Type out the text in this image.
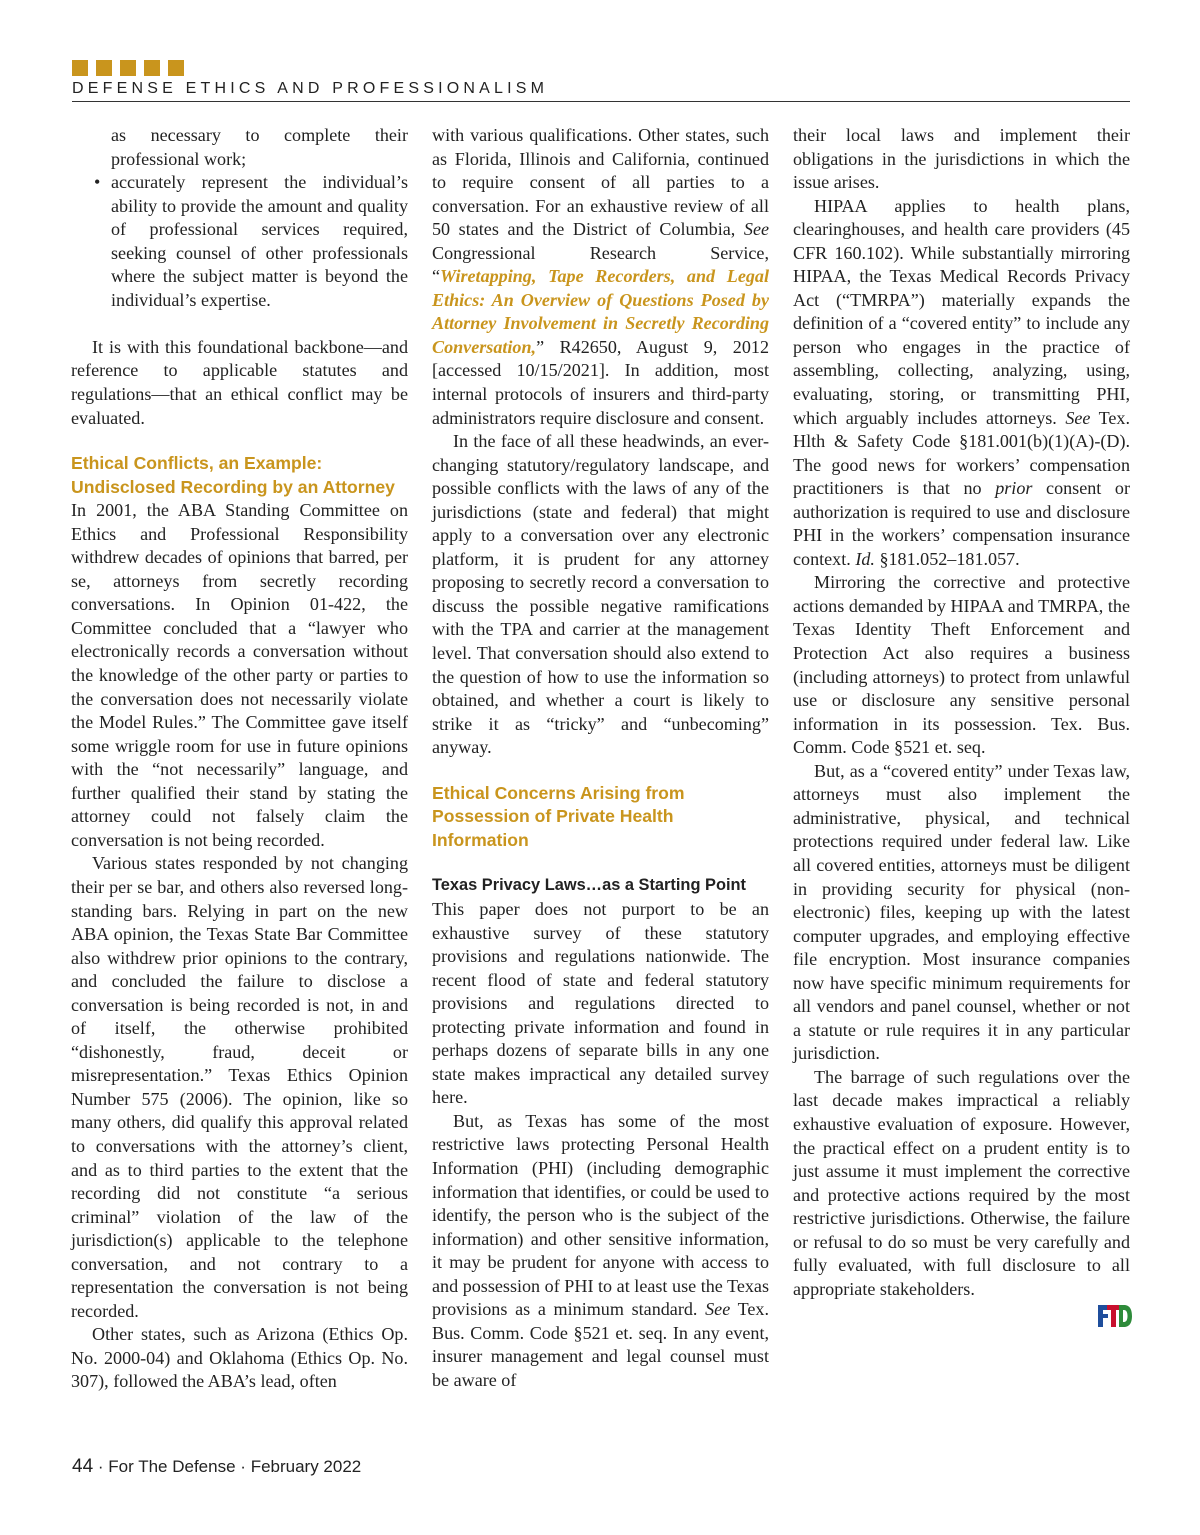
DEFENSE ETHICS AND PROFESSIONALISM
as necessary to complete their professional work;
• accurately represent the individual’s ability to provide the amount and quality of professional services required, seeking counsel of other professionals where the subject matter is beyond the individual’s expertise.

It is with this foundational backbone—and reference to applicable statutes and regulations—that an ethical conflict may be evaluated.

Ethical Conflicts, an Example:
Undisclosed Recording by an Attorney

In 2001, the ABA Standing Committee on Ethics and Professional Responsibility withdrew decades of opinions that barred, per se, attorneys from secretly recording conversations. In Opinion 01-422, the Committee concluded that a “lawyer who electronically records a conversation without the knowledge of the other party or parties to the conversation does not necessarily violate the Model Rules.” The Committee gave itself some wriggle room for use in future opinions with the “not necessarily” language, and further qualified their stand by stating the attorney could not falsely claim the conversation is not being recorded.

Various states responded by not changing their per se bar, and others also reversed long-standing bars. Relying in part on the new ABA opinion, the Texas State Bar Committee also withdrew prior opinions to the contrary, and concluded the failure to disclose a conversation is being recorded is not, in and of itself, the otherwise prohibited “dishonestly, fraud, deceit or misrepresentation.” Texas Ethics Opinion Number 575 (2006). The opinion, like so many others, did qualify this approval related to conversations with the attorney’s client, and as to third parties to the extent that the recording did not constitute “a serious criminal” violation of the law of the jurisdiction(s) applicable to the telephone conversation, and not contrary to a representation the conversation is not being recorded.

Other states, such as Arizona (Ethics Op. No. 2000-04) and Oklahoma (Ethics Op. No. 307), followed the ABA’s lead, often

with various qualifications. Other states, such as Florida, Illinois and California, continued to require consent of all parties to a conversation. For an exhaustive review of all 50 states and the District of Columbia, See Congressional Research Service, “Wiretapping, Tape Recorders, and Legal Ethics: An Overview of Questions Posed by Attorney Involvement in Secretly Recording Conversation,” R42650, August 9, 2012 [accessed 10/15/2021]. In addition, most internal protocols of insurers and third-party administrators require disclosure and consent.

In the face of all these headwinds, an ever-changing statutory/regulatory landscape, and possible conflicts with the laws of any of the jurisdictions (state and federal) that might apply to a conversation over any electronic platform, it is prudent for any attorney proposing to secretly record a conversation to discuss the possible negative ramifications with the TPA and carrier at the management level. That conversation should also extend to the question of how to use the information so obtained, and whether a court is likely to strike it as “tricky” and “unbecoming” anyway.

Ethical Concerns Arising from Possession of Private Health Information
Texas Privacy Laws…as a Starting Point

This paper does not purport to be an exhaustive survey of these statutory provisions and regulations nationwide. The recent flood of state and federal statutory provisions and regulations directed to protecting private information and found in perhaps dozens of separate bills in any one state makes impractical any detailed survey here.

But, as Texas has some of the most restrictive laws protecting Personal Health Information (PHI) (including demographic information that identifies, or could be used to identify, the person who is the subject of the information) and other sensitive information, it may be prudent for anyone with access to and possession of PHI to at least use the Texas provisions as a minimum standard. See Tex. Bus. Comm. Code §521 et. seq. In any event, insurer management and legal counsel must be aware of

their local laws and implement their obligations in the jurisdictions in which the issue arises.

HIPAA applies to health plans, clearinghouses, and health care providers (45 CFR 160.102). While substantially mirroring HIPAA, the Texas Medical Records Privacy Act (“TMRPA”) materially expands the definition of a “covered entity” to include any person who engages in the practice of assembling, collecting, analyzing, using, evaluating, storing, or transmitting PHI, which arguably includes attorneys. See Tex. Hlth & Safety Code §181.001(b)(1)(A)-(D). The good news for workers’ compensation practitioners is that no prior consent or authorization is required to use and disclosure PHI in the workers’ compensation insurance context. Id. §181.052–181.057.

Mirroring the corrective and protective actions demanded by HIPAA and TMRPA, the Texas Identity Theft Enforcement and Protection Act also requires a business (including attorneys) to protect from unlawful use or disclosure any sensitive personal information in its possession. Tex. Bus. Comm. Code §521 et. seq.

But, as a “covered entity” under Texas law, attorneys must also implement the administrative, physical, and technical protections required under federal law. Like all covered entities, attorneys must be diligent in providing security for physical (non-electronic) files, keeping up with the latest computer upgrades, and employing effective file encryption. Most insurance companies now have specific minimum requirements for all vendors and panel counsel, whether or not a statute or rule requires it in any particular jurisdiction.

The barrage of such regulations over the last decade makes impractical a reliably exhaustive evaluation of exposure. However, the practical effect on a prudent entity is to just assume it must implement the corrective and protective actions required by the most restrictive jurisdictions. Otherwise, the failure or refusal to do so must be very carefully and fully evaluated, with full disclosure to all appropriate stakeholders.

44 · For The Defense · February 2022
